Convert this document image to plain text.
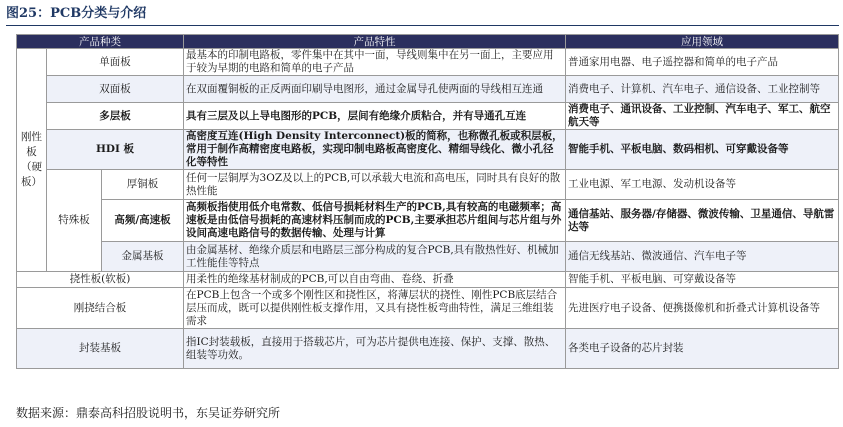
图25：PCB分类与介绍
产品种类			产品特性	应用领域
刚性板（硬板）	单面板		最基本的印制电路板，零件集中在其中一面，导线则集中在另一面上，主要应用于较为早期的电路和简单的电子产品	普通家用电器、电子遥控器和简单的电子产品
	双面板		在双面覆铜板的正反两面印刷导电图形，通过金属导孔使两面的导线相互连通	消费电子、计算机、汽车电子、通信设备、工业控制等
	多层板		具有三层及以上导电图形的PCB，层间有绝缘介质粘合，并有导通孔互连	消费电子、通讯设备、工业控制、汽车电子、军工、航空航天等
	HDI 板		高密度互连(High Density Interconnect)板的简称，也称微孔板或积层板，常用于制作高精密度电路板，实现印制电路板高密度化、精细导线化、微小孔径化等特性	智能手机、平板电脑、数码相机、可穿戴设备等
	特殊板	厚铜板	任何一层铜厚为3OZ及以上的PCB,可以承载大电流和高电压，同时具有良好的散热性能	工业电源、军工电源、发动机设备等
		高频/高速板	高频板指使用低介电常数、低信号损耗材料生产的PCB,具有较高的电磁频率；高速板是由低信号损耗的高速材料压制而成的PCB,主要承担芯片组间与芯片组与外设间高速电路信号的数据传输、处理与计算	通信基站、服务器/存储器、微波传输、卫星通信、导航雷达等
		金属基板	由金属基材、绝缘介质层和电路层三部分构成的复合PCB,具有散热性好、机械加工性能佳等特点	通信无线基站、微波通信、汽车电子等
挠性板(软板)			用柔性的绝缘基材制成的PCB,可以自由弯曲、卷绕、折叠	智能手机、平板电脑、可穿戴设备等
刚挠结合板			在PCB上包含一个或多个刚性区和挠性区，将薄层状的挠性、刚性PCB底层结合层压而成，既可以提供刚性板支撑作用，又具有挠性板弯曲特性，满足三维组装需求	先进医疗电子设备、便携摄像机和折叠式计算机设备等
封装基板			指IC封装载板，直接用于搭载芯片，可为芯片提供电连接、保护、支撑、散热、组装等功效。	各类电子设备的芯片封装
数据来源：鼎泰高科招股说明书，东吴证券研究所
